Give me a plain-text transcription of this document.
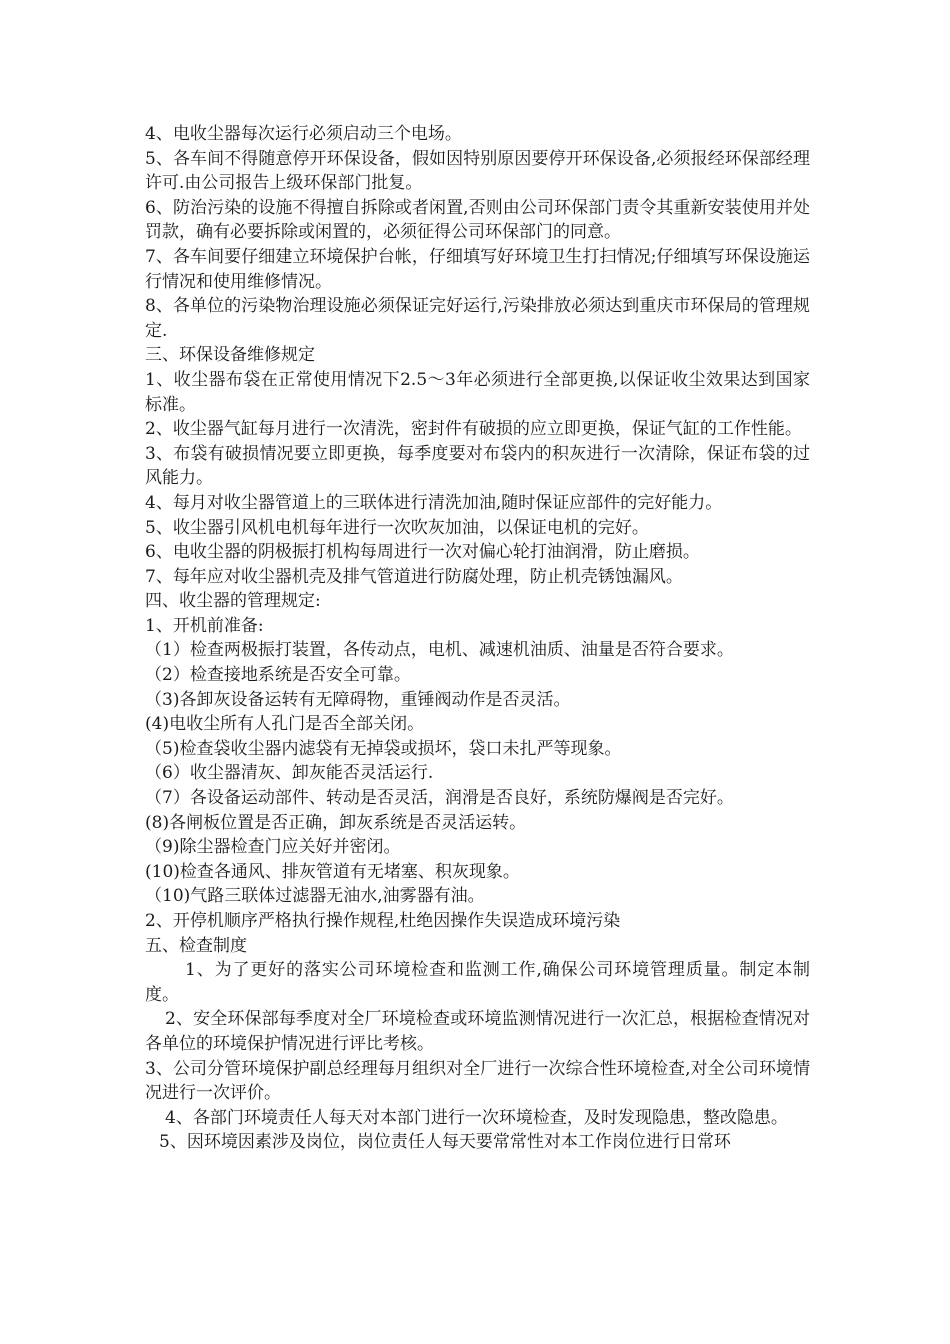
4、电收尘器每次运行必须启动三个电场。

5、各车间不得随意停开环保设备，假如因特别原因要停开环保设备,必须报经环保部经理许可.由公司报告上级环保部门批复。

6、防治污染的设施不得擅自拆除或者闲置,否则由公司环保部门责令其重新安装使用并处罚款，确有必要拆除或闲置的，必须征得公司环保部门的同意。

7、各车间要仔细建立环境保护台帐，仔细填写好环境卫生打扫情况;仔细填写环保设施运行情况和使用维修情况。

8、各单位的污染物治理设施必须保证完好运行,污染排放必须达到重庆市环保局的管理规定.

三、环保设备维修规定

1、收尘器布袋在正常使用情况下2.5～3年必须进行全部更换,以保证收尘效果达到国家标准。

2、收尘器气缸每月进行一次清洗，密封件有破损的应立即更换，保证气缸的工作性能。

3、布袋有破损情况要立即更换，每季度要对布袋内的积灰进行一次清除，保证布袋的过风能力。

4、每月对收尘器管道上的三联体进行清洗加油,随时保证应部件的完好能力。

5、收尘器引风机电机每年进行一次吹灰加油，以保证电机的完好。

6、电收尘器的阴极振打机构每周进行一次对偏心轮打油润滑，防止磨损。

7、每年应对收尘器机壳及排气管道进行防腐处理，防止机壳锈蚀漏风。

四、收尘器的管理规定:

1、开机前准备:

（1）检查两极振打装置，各传动点，电机、减速机油质、油量是否符合要求。

（2）检查接地系统是否安全可靠。

（3)各卸灰设备运转有无障碍物，重锤阀动作是否灵活。

(4)电收尘所有人孔门是否全部关闭。

（5)检查袋收尘器内滤袋有无掉袋或损坏，袋口未扎严等现象。

（6）收尘器清灰、卸灰能否灵活运行.

（7）各设备运动部件、转动是否灵活，润滑是否良好，系统防爆阀是否完好。

(8)各闸板位置是否正确，卸灰系统是否灵活运转。

（9)除尘器检查门应关好并密闭。

(10)检查各通风、排灰管道有无堵塞、积灰现象。

（10)气路三联体过滤器无油水,油雾器有油。

2、开停机顺序严格执行操作规程,杜绝因操作失误造成环境污染

五、检查制度

1、为了更好的落实公司环境检查和监测工作,确保公司环境管理质量。制定本制度。

2、安全环保部每季度对全厂环境检查或环境监测情况进行一次汇总，根据检查情况对各单位的环境保护情况进行评比考核。

3、公司分管环境保护副总经理每月组织对全厂进行一次综合性环境检查,对全公司环境情况进行一次评价。

4、各部门环境责任人每天对本部门进行一次环境检查，及时发现隐患，整改隐患。

5、因环境因素涉及岗位，岗位责任人每天要常常性对本工作岗位进行日常环
